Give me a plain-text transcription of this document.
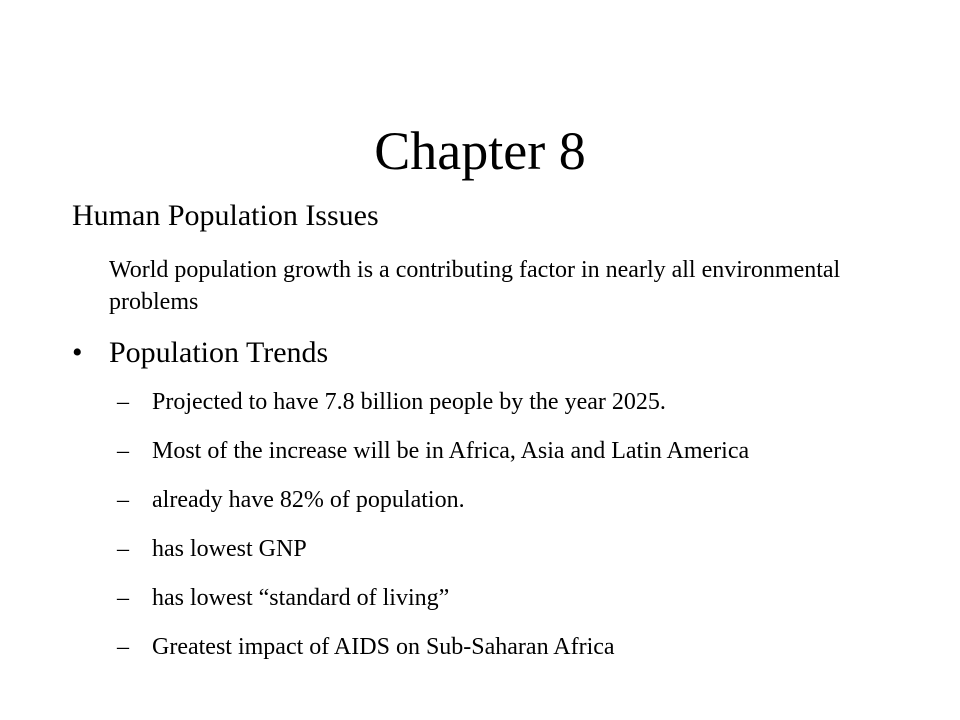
Chapter 8
Human Population Issues
World population growth is a contributing factor in nearly all environmental problems
• Population Trends
– Projected to have 7.8 billion people by the year 2025.
– Most of the increase will be in Africa, Asia and Latin America
– already have 82% of population.
– has lowest GNP
– has lowest “standard of living”
– Greatest impact of AIDS on Sub-Saharan Africa
